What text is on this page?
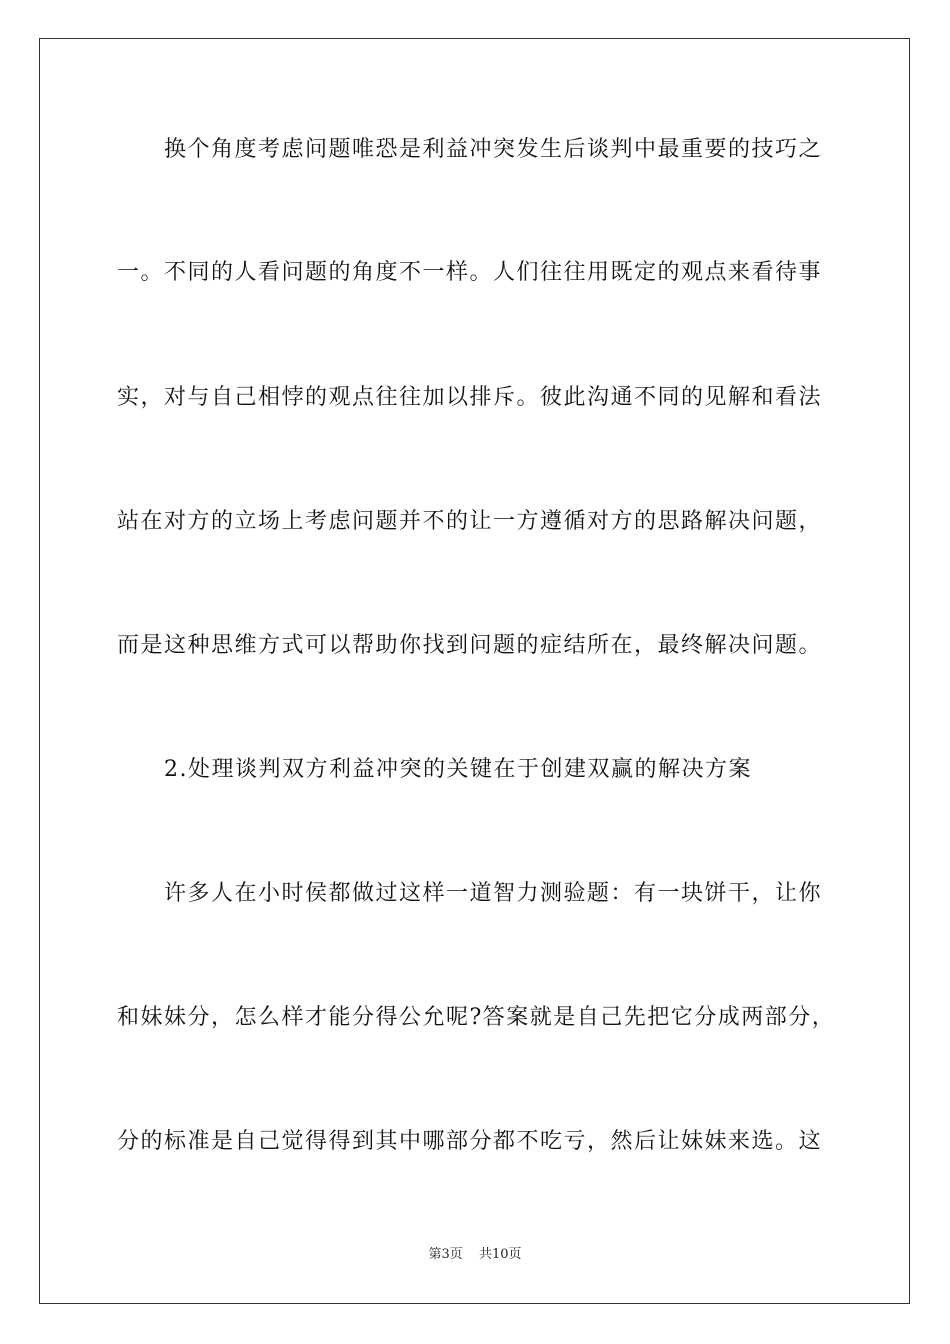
换个角度考虑问题唯恐是利益冲突发生后谈判中最重要的技巧之
一。不同的人看问题的角度不一样。人们往往用既定的观点来看待事
实，对与自己相悖的观点往往加以排斥。彼此沟通不同的见解和看法
站在对方的立场上考虑问题并不的让一方遵循对方的思路解决问题，
而是这种思维方式可以帮助你找到问题的症结所在，最终解决问题。
2.处理谈判双方利益冲突的关键在于创建双赢的解决方案
许多人在小时侯都做过这样一道智力测验题：有一块饼干，让你
和妹妹分，怎么样才能分得公允呢?答案就是自己先把它分成两部分，
分的标准是自己觉得得到其中哪部分都不吃亏，然后让妹妹来选。这
第3页 共10页
